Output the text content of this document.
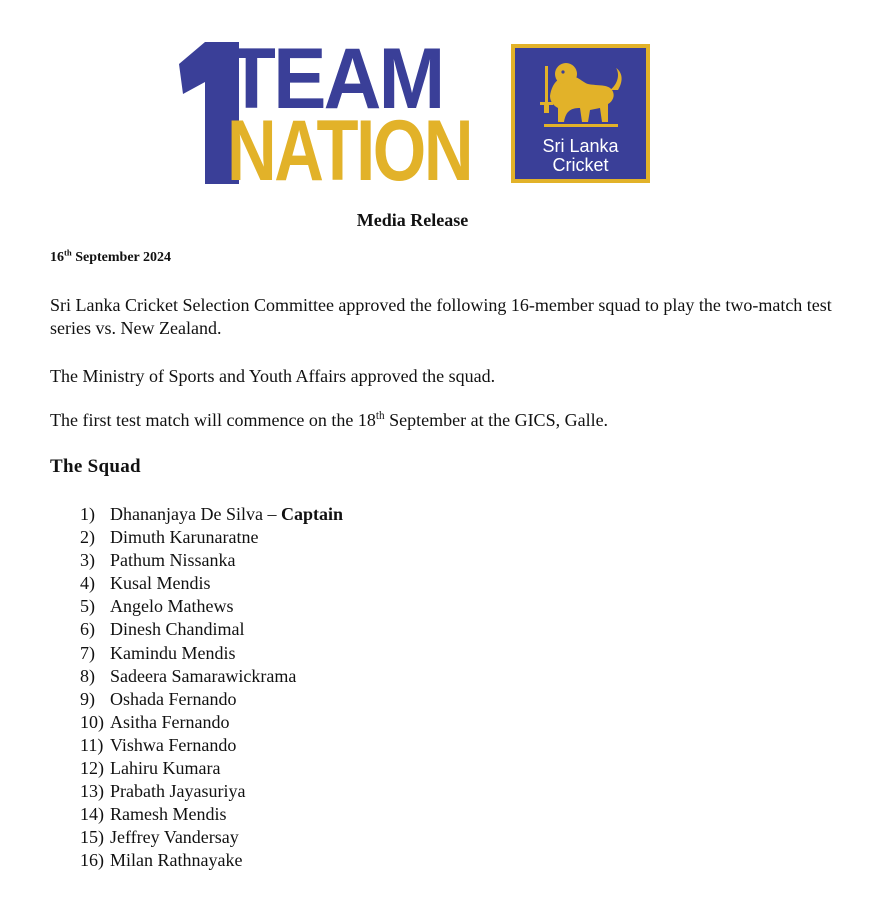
TEAM
NATION	Sri Lanka
Cricket
Media Release
16th September 2024
Sri Lanka Cricket Selection Committee approved the following 16-member squad to play the two-match test series vs. New Zealand.
The Ministry of Sports and Youth Affairs approved the squad.
The first test match will commence on the 18th September at the GICS, Galle.
The Squad
1) Dhananjaya De Silva – Captain
2) Dimuth Karunaratne
3) Pathum Nissanka
4) Kusal Mendis
5) Angelo Mathews
6) Dinesh Chandimal
7) Kamindu Mendis
8) Sadeera Samarawickrama
9) Oshada Fernando
10) Asitha Fernando
11) Vishwa Fernando
12) Lahiru Kumara
13) Prabath Jayasuriya
14) Ramesh Mendis
15) Jeffrey Vandersay
16) Milan Rathnayake
